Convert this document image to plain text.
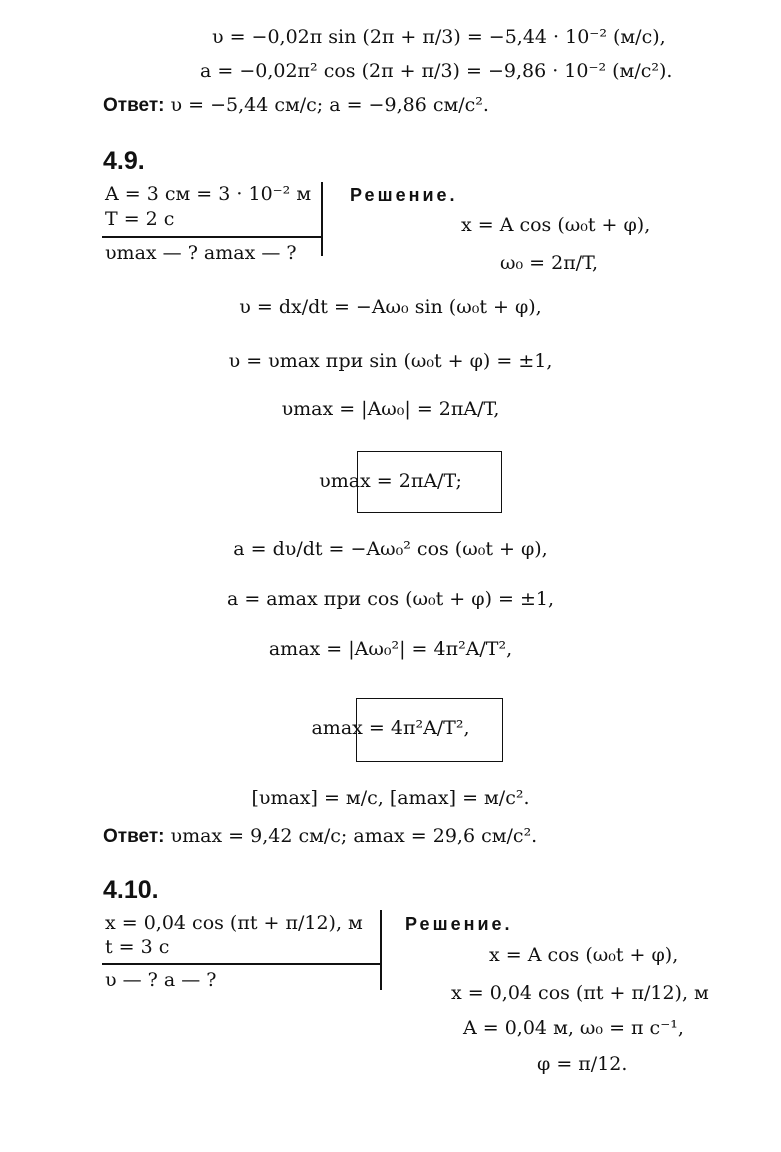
υ = −0,02π sin (2π + π/3) = −5,44 · 10⁻² (м/с),
a = −0,02π² cos (2π + π/3) = −9,86 · 10⁻² (м/с²).
Ответ: υ = −5,44 см/с; a = −9,86 см/с².
4.9.
A = 3 см = 3 · 10⁻² м
T = 2 с
υmax — ? amax — ?
Решение.
x = A cos (ω₀t + φ),
ω₀ = 2π/T,
υ = dx/dt = −Aω₀ sin (ω₀t + φ),
υ = υmax при sin (ω₀t + φ) = ±1,
υmax = |Aω₀| = 2πA/T,
υmax = 2πA/T;
a = dυ/dt = −Aω₀² cos (ω₀t + φ),
a = amax при cos (ω₀t + φ) = ±1,
amax = |Aω₀²| = 4π²A/T²,
amax = 4π²A/T²,
[υmax] = м/с, [amax] = м/с².
Ответ: υmax = 9,42 см/с; amax = 29,6 см/с².
4.10.
x = 0,04 cos (πt + π/12), м
t = 3 с
υ — ? a — ?
Решение.
x = A cos (ω₀t + φ),
x = 0,04 cos (πt + π/12), м
A = 0,04 м, ω₀ = π с⁻¹,
φ = π/12.
